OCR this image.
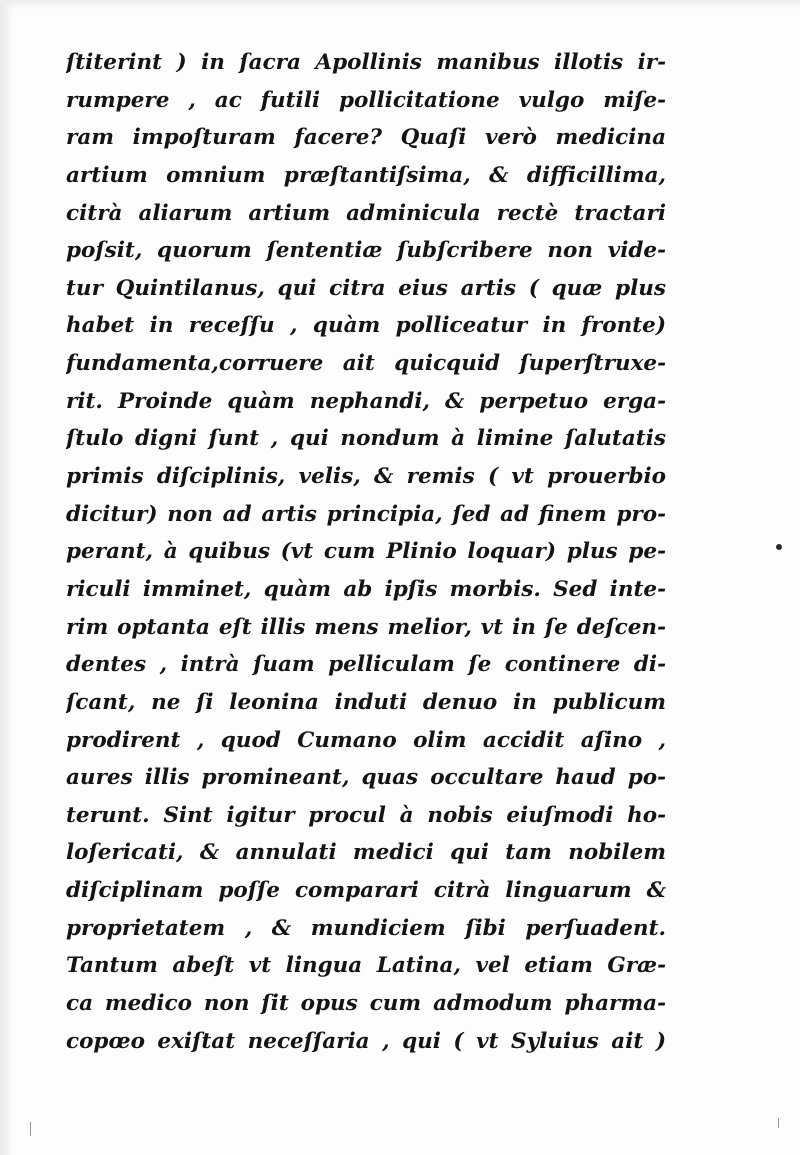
ſtiterint ) in ſacra Apollinis manibus illotis ir-
rumpere , ac futili pollicitatione vulgo miſe-
ram impoſturam facere? Quaſi verò medicina
artium omnium præſtantiſsima, & difficillima,
citrà aliarum artium adminicula rectè tractari
poſsit, quorum ſententiæ ſubſcribere non vide-
tur Quintilanus, qui citra eius artis ( quæ plus
habet in receſſu , quàm polliceatur in fronte)
fundamenta,corruere ait quicquid ſuperſtruxe-
rit. Proinde quàm nephandi, & perpetuo erga-
ſtulo digni ſunt , qui nondum à limine ſalutatis
primis diſciplinis, velis, & remis ( vt prouerbio
dicitur) non ad artis principia, ſed ad finem pro-
perant, à quibus (vt cum Plinio loquar) plus pe-
riculi imminet, quàm ab ipſis morbis. Sed inte-
rim optanta eſt illis mens melior, vt in ſe deſcen-
dentes , intrà ſuam pelliculam ſe continere di-
ſcant, ne ſi leonina induti denuo in publicum
prodirent , quod Cumano olim accidit aſino ,
aures illis promineant, quas occultare haud po-
terunt. Sint igitur procul à nobis eiuſmodi ho-
loſericati, & annulati medici qui tam nobilem
diſciplinam poſſe comparari citrà linguarum &
proprietatem , & mundiciem ſibi perſuadent.
Tantum abeſt vt lingua Latina, vel etiam Græ-
ca medico non ſit opus cum admodum pharma-
copœo exiſtat neceſſaria , qui ( vt Syluius ait )
